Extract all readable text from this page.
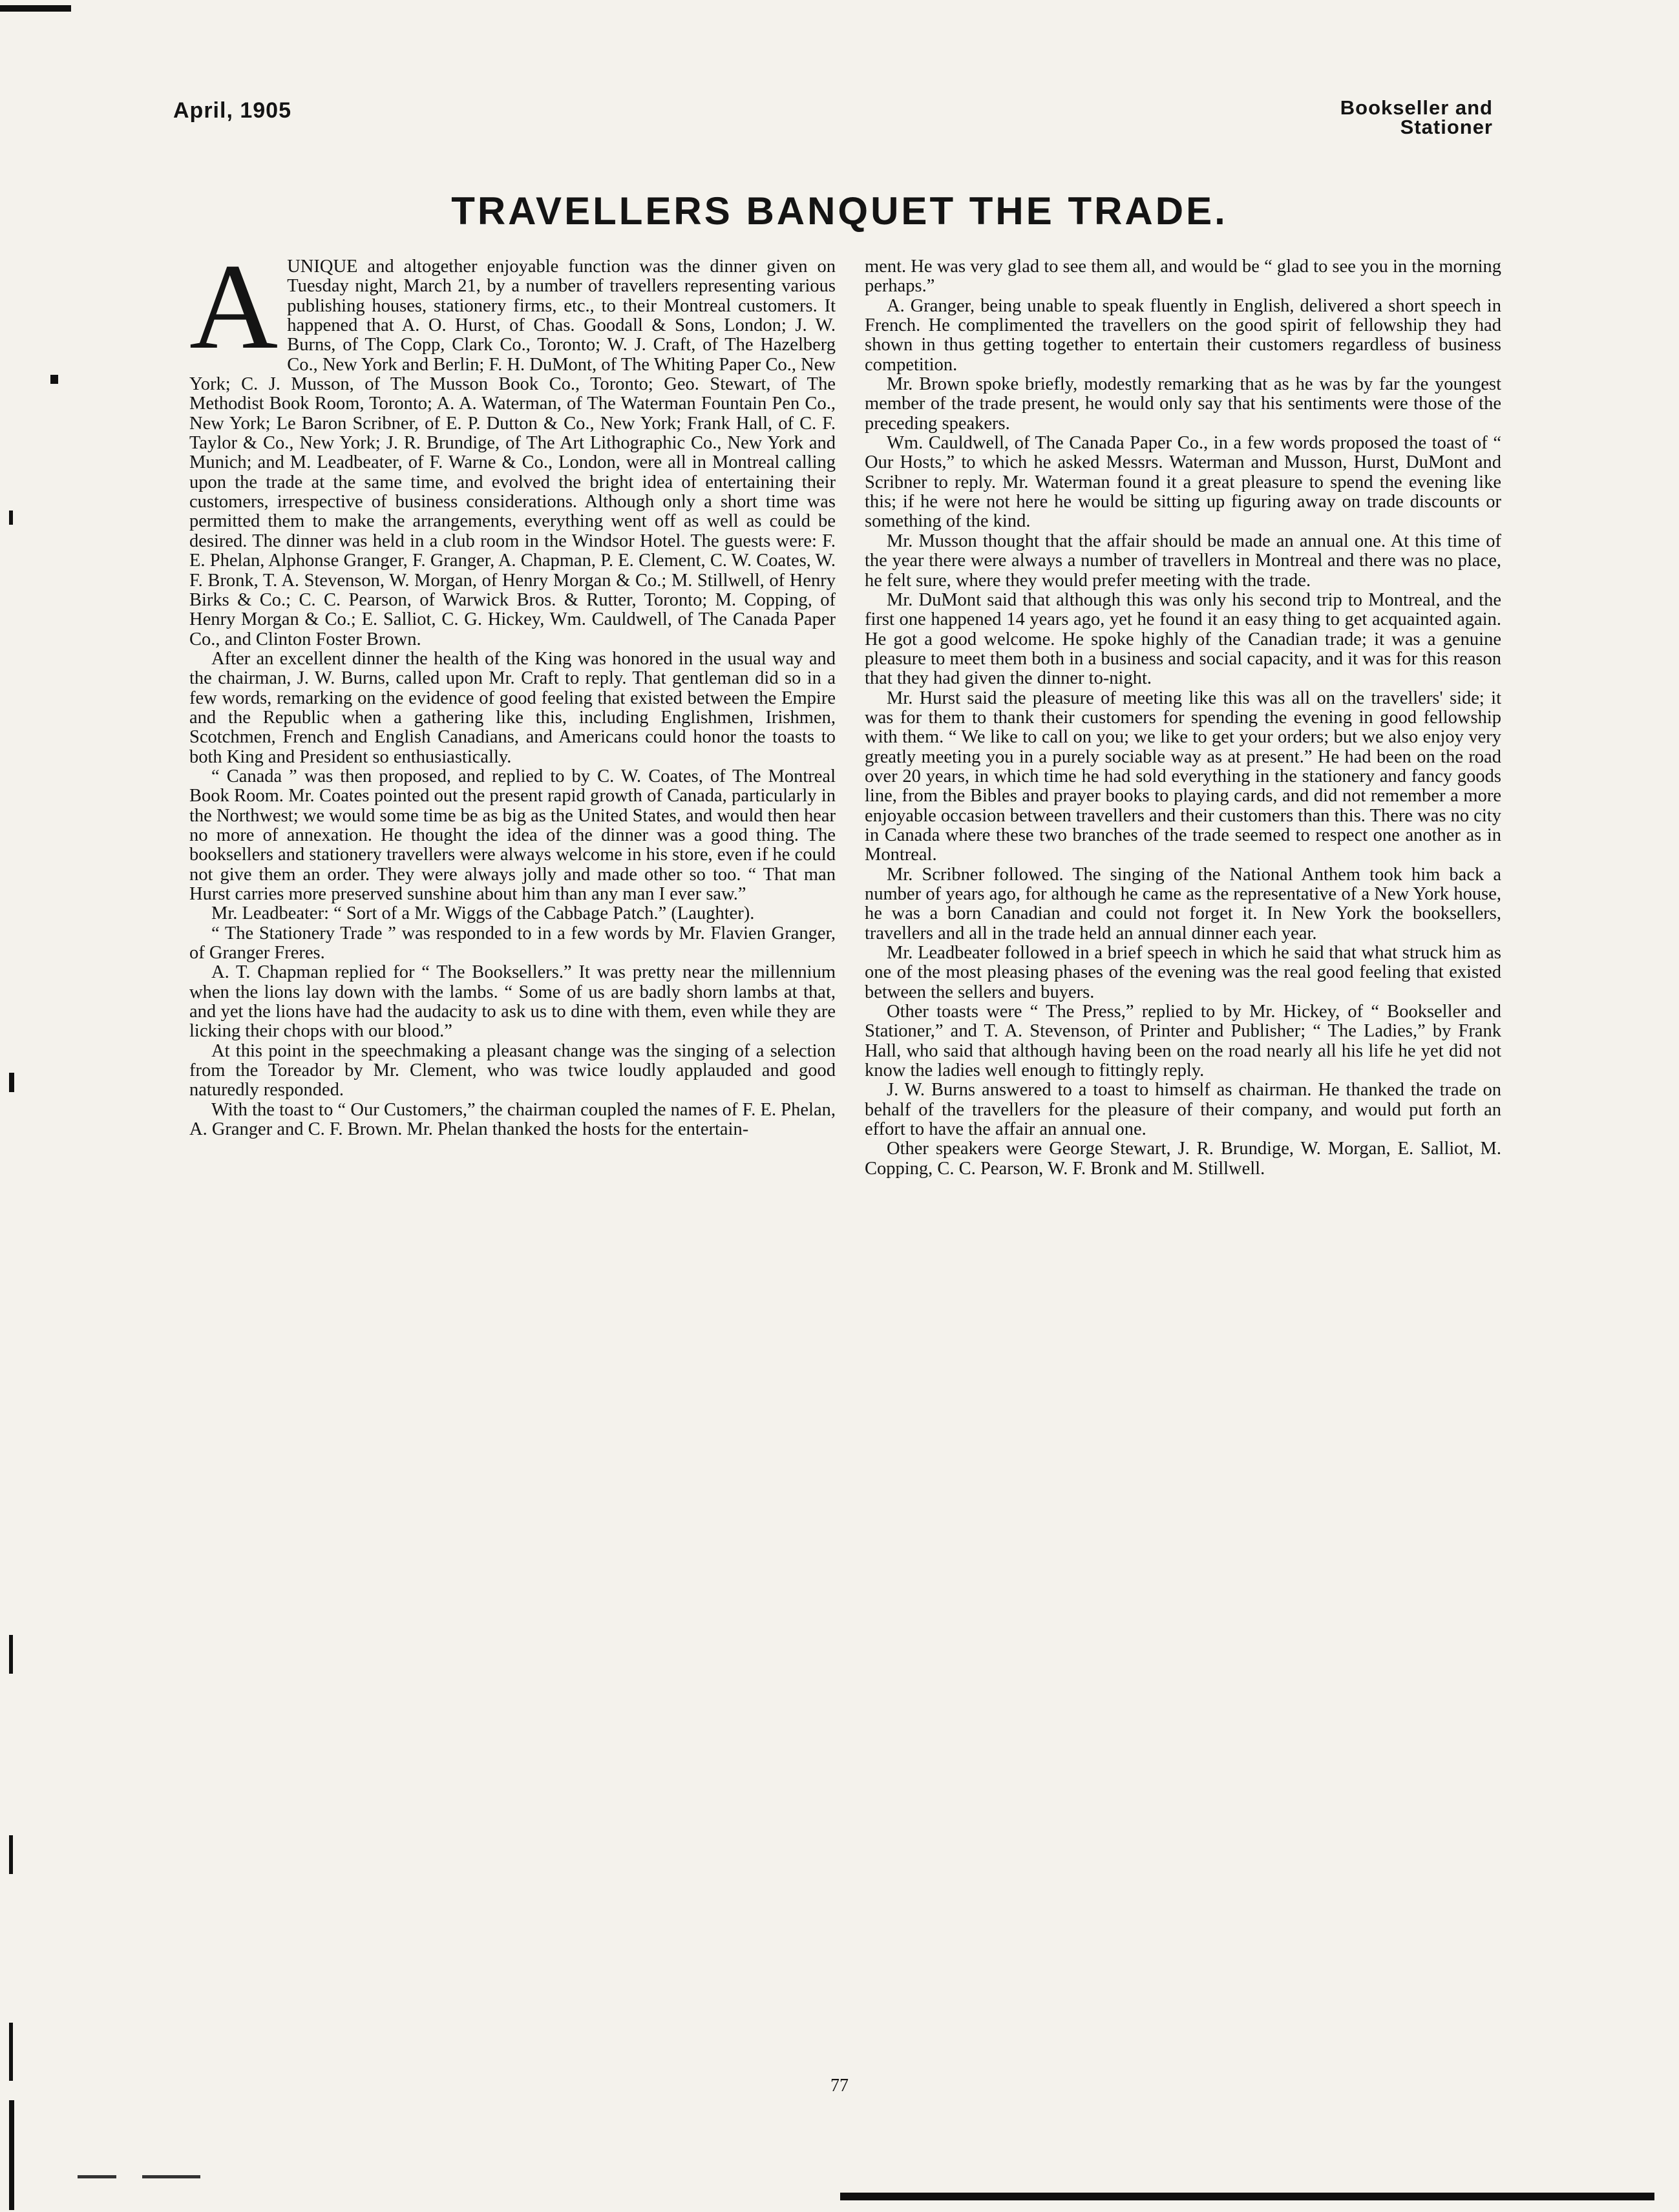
April, 1905	Bookseller and
Stationer
TRAVELLERS BANQUET THE TRADE.
A UNIQUE and altogether enjoyable function was the dinner given on Tuesday night, March 21, by a number of travellers representing various publishing houses, stationery firms, etc., to their Montreal customers. It happened that A. O. Hurst, of Chas. Goodall & Sons, London; J. W. Burns, of The Copp, Clark Co., Toronto; W. J. Craft, of The Hazelberg Co., New York and Berlin; F. H. DuMont, of The Whiting Paper Co., New York; C. J. Musson, of The Musson Book Co., Toronto; Geo. Stewart, of The Methodist Book Room, Toronto; A. A. Waterman, of The Waterman Fountain Pen Co., New York; Le Baron Scribner, of E. P. Dutton & Co., New York; Frank Hall, of C. F. Taylor & Co., New York; J. R. Brundige, of The Art Lithographic Co., New York and Munich; and M. Leadbeater, of F. Warne & Co., London, were all in Montreal calling upon the trade at the same time, and evolved the bright idea of entertaining their customers, irrespective of business considerations. Although only a short time was permitted them to make the arrangements, everything went off as well as could be desired. The dinner was held in a club room in the Windsor Hotel. The guests were: F. E. Phelan, Alphonse Granger, F. Granger, A. Chapman, P. E. Clement, C. W. Coates, W. F. Bronk, T. A. Stevenson, W. Morgan, of Henry Morgan & Co.; M. Stillwell, of Henry Birks & Co.; C. C. Pearson, of Warwick Bros. & Rutter, Toronto; M. Copping, of Henry Morgan & Co.; E. Salliot, C. G. Hickey, Wm. Cauldwell, of The Canada Paper Co., and Clinton Foster Brown.

After an excellent dinner the health of the King was honored in the usual way and the chairman, J. W. Burns, called upon Mr. Craft to reply. That gentleman did so in a few words, remarking on the evidence of good feeling that existed between the Empire and the Republic when a gathering like this, including Englishmen, Irishmen, Scotchmen, French and English Canadians, and Americans could honor the toasts to both King and President so enthusiastically.

“ Canada ” was then proposed, and replied to by C. W. Coates, of The Montreal Book Room. Mr. Coates pointed out the present rapid growth of Canada, particularly in the Northwest; we would some time be as big as the United States, and would then hear no more of annexation. He thought the idea of the dinner was a good thing. The booksellers and stationery travellers were always welcome in his store, even if he could not give them an order. They were always jolly and made other so too. “ That man Hurst carries more preserved sunshine about him than any man I ever saw.”

Mr. Leadbeater: “ Sort of a Mr. Wiggs of the Cabbage Patch.” (Laughter).

“ The Stationery Trade ” was responded to in a few words by Mr. Flavien Granger, of Granger Freres.

A. T. Chapman replied for “ The Booksellers.” It was pretty near the millennium when the lions lay down with the lambs. “ Some of us are badly shorn lambs at that, and yet the lions have had the audacity to ask us to dine with them, even while they are licking their chops with our blood.”

At this point in the speechmaking a pleasant change was the singing of a selection from the Toreador by Mr. Clement, who was twice loudly applauded and good naturedly responded.

With the toast to “ Our Customers,” the chairman coupled the names of F. E. Phelan, A. Granger and C. F. Brown. Mr. Phelan thanked the hosts for the entertain-

ment. He was very glad to see them all, and would be “ glad to see you in the morning perhaps.”

A. Granger, being unable to speak fluently in English, delivered a short speech in French. He complimented the travellers on the good spirit of fellowship they had shown in thus getting together to entertain their customers regardless of business competition.

Mr. Brown spoke briefly, modestly remarking that as he was by far the youngest member of the trade present, he would only say that his sentiments were those of the preceding speakers.

Wm. Cauldwell, of The Canada Paper Co., in a few words proposed the toast of “ Our Hosts,” to which he asked Messrs. Waterman and Musson, Hurst, DuMont and Scribner to reply. Mr. Waterman found it a great pleasure to spend the evening like this; if he were not here he would be sitting up figuring away on trade discounts or something of the kind.

Mr. Musson thought that the affair should be made an annual one. At this time of the year there were always a number of travellers in Montreal and there was no place, he felt sure, where they would prefer meeting with the trade.

Mr. DuMont said that although this was only his second trip to Montreal, and the first one happened 14 years ago, yet he found it an easy thing to get acquainted again. He got a good welcome. He spoke highly of the Canadian trade; it was a genuine pleasure to meet them both in a business and social capacity, and it was for this reason that they had given the dinner to-night.

Mr. Hurst said the pleasure of meeting like this was all on the travellers' side; it was for them to thank their customers for spending the evening in good fellowship with them. “ We like to call on you; we like to get your orders; but we also enjoy very greatly meeting you in a purely sociable way as at present.” He had been on the road over 20 years, in which time he had sold everything in the stationery and fancy goods line, from the Bibles and prayer books to playing cards, and did not remember a more enjoyable occasion between travellers and their customers than this. There was no city in Canada where these two branches of the trade seemed to respect one another as in Montreal.

Mr. Scribner followed. The singing of the National Anthem took him back a number of years ago, for although he came as the representative of a New York house, he was a born Canadian and could not forget it. In New York the booksellers, travellers and all in the trade held an annual dinner each year.

Mr. Leadbeater followed in a brief speech in which he said that what struck him as one of the most pleasing phases of the evening was the real good feeling that existed between the sellers and buyers.

Other toasts were “ The Press,” replied to by Mr. Hickey, of “ Bookseller and Stationer,” and T. A. Stevenson, of Printer and Publisher; “ The Ladies,” by Frank Hall, who said that although having been on the road nearly all his life he yet did not know the ladies well enough to fittingly reply.

J. W. Burns answered to a toast to himself as chairman. He thanked the trade on behalf of the travellers for the pleasure of their company, and would put forth an effort to have the affair an annual one.

Other speakers were George Stewart, J. R. Brundige, W. Morgan, E. Salliot, M. Copping, C. C. Pearson, W. F. Bronk and M. Stillwell.

77
